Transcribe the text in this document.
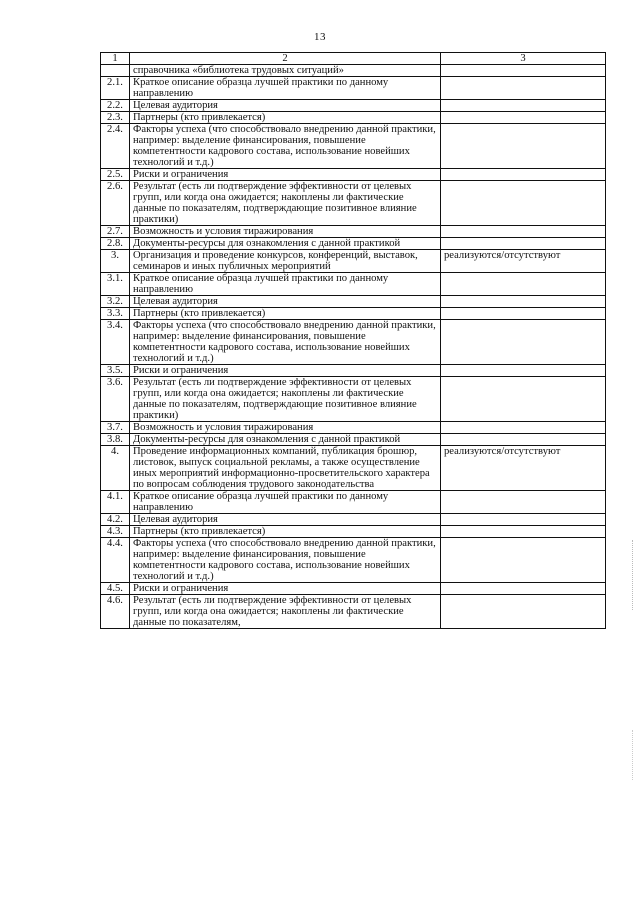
13
1	2	3
	справочника «библиотека трудовых ситуаций»	
2.1.	Краткое описание образца лучшей практики по данному направлению	
2.2.	Целевая аудитория	
2.3.	Партнеры (кто привлекается)	
2.4.	Факторы успеха (что способствовало внедрению данной практики, например: выделение финансирования, повышение компетентности кадрового состава, использование новейших технологий и т.д.)	
2.5.	Риски и ограничения	
2.6.	Результат (есть ли подтверждение эффективности от целевых групп, или когда она ожидается; накоплены ли фактические данные по показателям, подтверждающие позитивное влияние практики)	
2.7.	Возможность и условия тиражирования	
2.8.	Документы-ресурсы для ознакомления с данной практикой	
3.	Организация и проведение конкурсов, конференций, выставок, семинаров и иных публичных мероприятий	реализуются/отсутствуют
3.1.	Краткое описание образца лучшей практики по данному направлению	
3.2.	Целевая аудитория	
3.3.	Партнеры (кто привлекается)	
3.4.	Факторы успеха (что способствовало внедрению данной практики, например: выделение финансирования, повышение компетентности кадрового состава, использование новейших технологий и т.д.)	
3.5.	Риски и ограничения	
3.6.	Результат (есть ли подтверждение эффективности от целевых групп, или когда она ожидается; накоплены ли фактические данные по показателям, подтверждающие позитивное влияние практики)	
3.7.	Возможность и условия тиражирования	
3.8.	Документы-ресурсы для ознакомления с данной практикой	
4.	Проведение информационных компаний, публикация брошюр, листовок, выпуск социальной рекламы, а также осуществление иных мероприятий информационно-просветительского характера по вопросам соблюдения трудового законодательства	реализуются/отсутствуют
4.1.	Краткое описание образца лучшей практики по данному направлению	
4.2.	Целевая аудитория	
4.3.	Партнеры (кто привлекается)	
4.4.	Факторы успеха (что способствовало внедрению данной практики, например: выделение финансирования, повышение компетентности кадрового состава, использование новейших технологий и т.д.)	
4.5.	Риски и ограничения	
4.6.	Результат (есть ли подтверждение эффективности от целевых групп, или когда она ожидается; накоплены ли фактические данные по показателям,	
